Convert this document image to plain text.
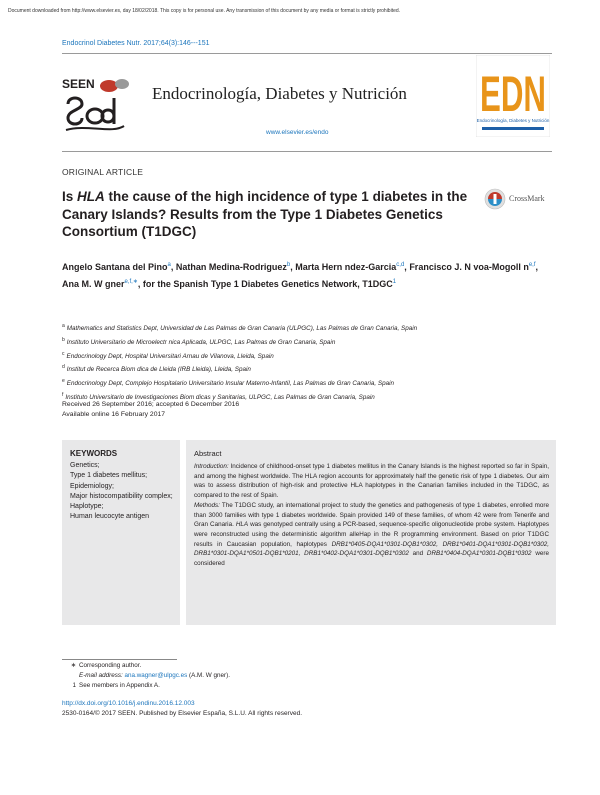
Document downloaded from http://www.elsevier.es, day 18/02/2018. This copy is for personal use. Any transmission of this document by any media or format is strictly prohibited.
Endocrinol Diabetes Nutr. 2017;64(3):146---151
SEEN	Endocrinología, Diabetes y Nutrición
www.elsevier.es/endo
EDN
Endocrinología, Diabetes y Nutrición
ORIGINAL ARTICLE
Is HLA the cause of the high incidence of type 1 diabetes in the Canary Islands? Results from the Type 1 Diabetes Genetics Consortium (T1DGC)
CrossMark
Angelo Santana del Pino$^a$, Nathan Medina-Rodriguez$^b$, Marta Hern ndez-Garcia$^{c,d}$, Francisco J. N voa-Mogoll $n^{e,f}$, Ana M. W gner$^{e,f,∗}$, for the Spanish Type 1 Diabetes Genetics Network, T1DGC$^1$
$^a$ Mathematics and Statistics Dept, Universidad de Las Palmas de Gran Canaria (ULPGC), Las Palmas de Gran Canaria, Spain
$^b$ Instituto Universitario de Microelectr nica Aplicada, ULPGC, Las Palmas de Gran Canaria, Spain
$^c$ Endocrinology Dept, Hospital Universitari Arnau de Vilanova, Lleida, Spain
$^d$ Institut de Recerca Biom dica de Lleida (IRB Lleida), Lleida, Spain
$^e$ Endocrinology Dept, Complejo Hospitalario Universitario Insular Materno-Infantil, Las Palmas de Gran Canaria, Spain
$^f$ Instituto Universitario de Investigaciones Biom dicas y Sanitarias, ULPGC, Las Palmas de Gran Canaria, Spain
Received 26 September 2016; accepted 6 December 2016
Available online 16 February 2017
KEYWORDS
Genetics;
Type 1 diabetes mellitus;
Epidemiology;
Major histocompatibility complex;
Haplotype;
Human leucocyte antigen
Abstract
Introduction: Incidence of childhood-onset type 1 diabetes mellitus in the Canary Islands is the highest reported so far in Spain, and among the highest worldwide. The HLA region accounts for approximately half the genetic risk of type 1 diabetes. Our aim was to assess distribution of high-risk and protective HLA haplotypes in the Canarian families included in the T1DGC, as compared to the rest of Spain.
Methods: The T1DGC study, an international project to study the genetics and pathogenesis of type 1 diabetes, enrolled more than 3000 families with type 1 diabetes worldwide. Spain provided 149 of these families, of whom 42 were from Tenerife and Gran Canaria. HLA was genotyped centrally using a PCR-based, sequence-specific oligonucleotide probe system. Haplotypes were reconstructed using the deterministic algorithm alleHap in the R programming environment. Based on prior T1DGC results in Caucasian population, haplotypes DRB1*0405-DQA1*0301-DQB1*0302, DRB1*0401-DQA1*0301-DQB1*0302, DRB1*0301-DQA1*0501-DQB1*0201, DRB1*0402-DQA1*0301-DQB1*0302 and DRB1*0404-DQA1*0301-DQB1*0302 were considered
∗ Corresponding author.
E-mail address: ana.wagner@ulpgc.es (A.M. W gner).
1 See members in Appendix A.
http://dx.doi.org/10.1016/j.endinu.2016.12.003
2530-0164/© 2017 SEEN. Published by Elsevier España, S.L.U. All rights reserved.
